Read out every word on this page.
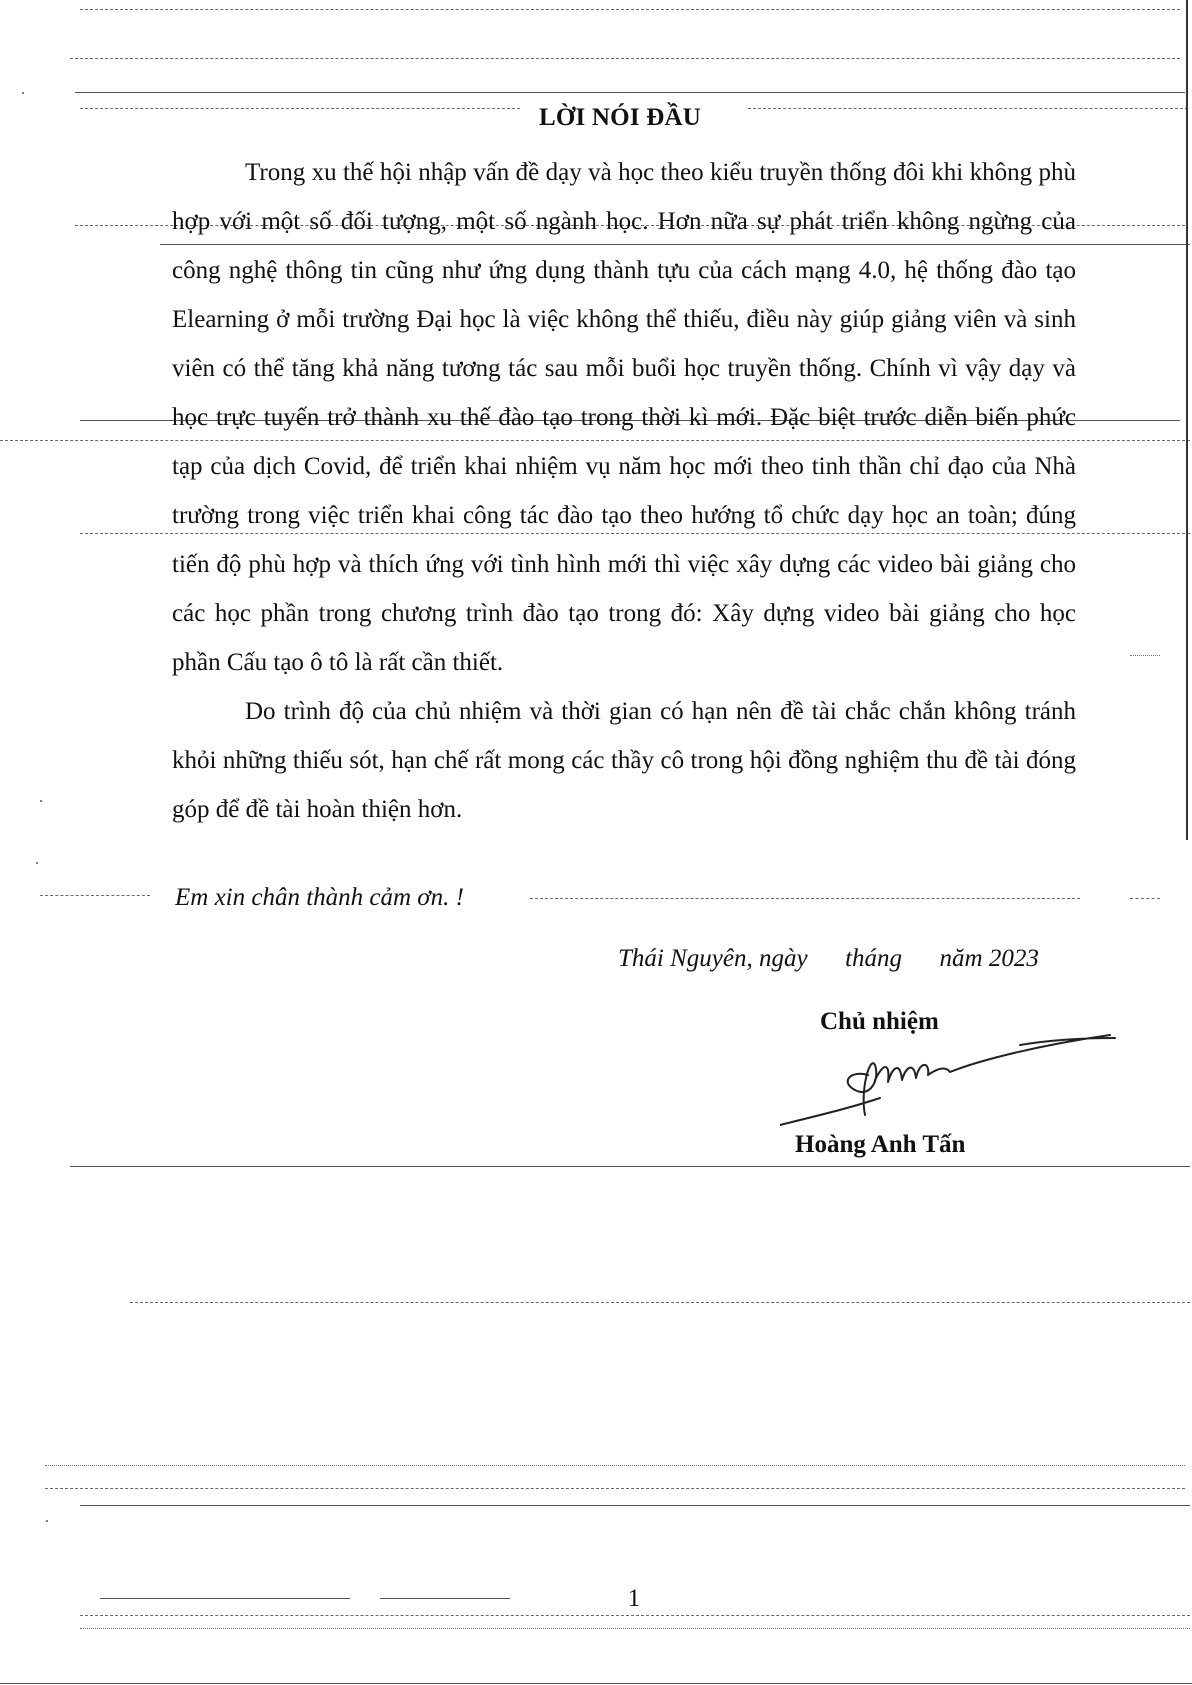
LỜI NÓI ĐẦU

Trong xu thế hội nhập vấn đề dạy và học theo kiểu truyền thống đôi khi không phù hợp với một số đối tượng, một số ngành học. Hơn nữa sự phát triển không ngừng của công nghệ thông tin cũng như ứng dụng thành tựu của cách mạng 4.0, hệ thống đào tạo Elearning ở mỗi trường Đại học là việc không thể thiếu, điều này giúp giảng viên và sinh viên có thể tăng khả năng tương tác sau mỗi buổi học truyền thống. Chính vì vậy dạy và học trực tuyến trở thành xu thế đào tạo trong thời kì mới. Đặc biệt trước diễn biến phức tạp của dịch Covid, để triển khai nhiệm vụ năm học mới theo tinh thần chỉ đạo của Nhà trường trong việc triển khai công tác đào tạo theo hướng tổ chức dạy học an toàn; đúng tiến độ phù hợp và thích ứng với tình hình mới thì việc xây dựng các video bài giảng cho các học phần trong chương trình đào tạo trong đó: Xây dựng video bài giảng cho học phần Cấu tạo ô tô là rất cần thiết.

Do trình độ của chủ nhiệm và thời gian có hạn nên đề tài chắc chắn không tránh khỏi những thiếu sót, hạn chế rất mong các thầy cô trong hội đồng nghiệm thu đề tài đóng góp để đề tài hoàn thiện hơn.

Em xin chân thành cảm ơn. !
Thái Nguyên, ngày      tháng      năm 2023
Chủ nhiệm
Hoàng Anh Tấn
1
